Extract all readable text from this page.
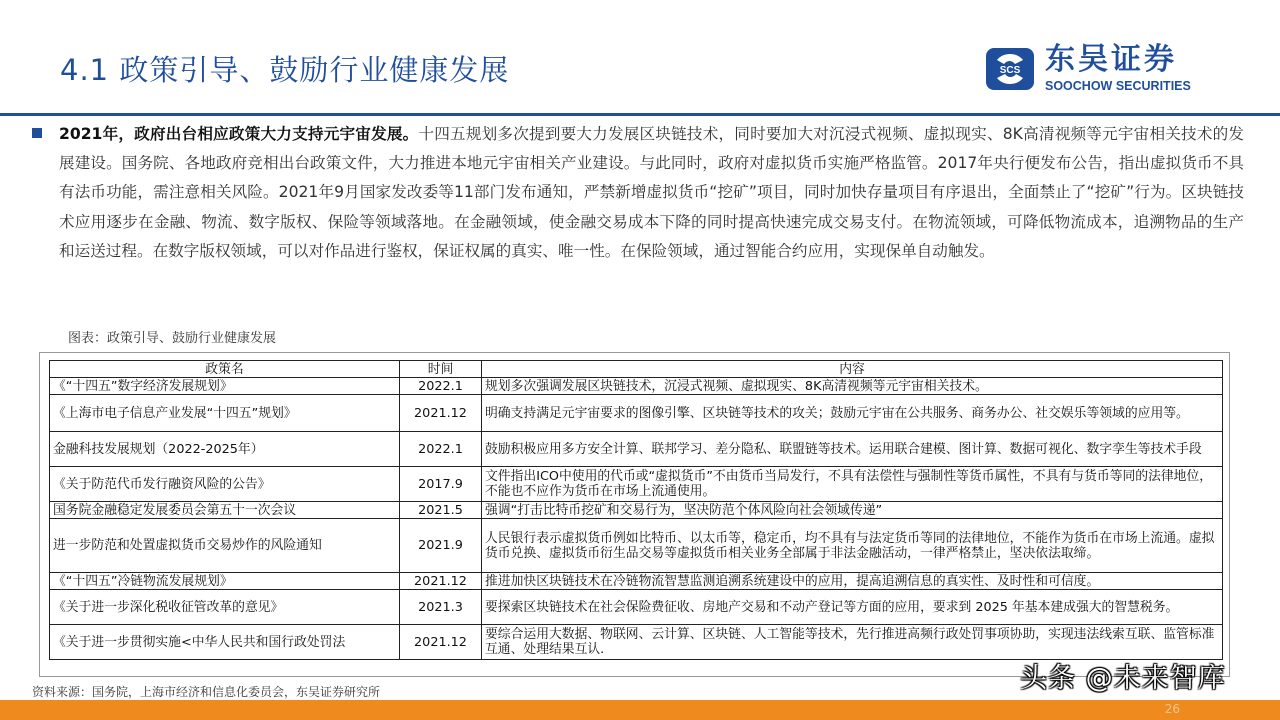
4.1 政策引导、鼓励行业健康发展	SCS 东吴证券
SOOCHOW SECURITIES
2021年，政府出台相应政策大力支持元宇宙发展。十四五规划多次提到要大力发展区块链技术，同时要加大对沉浸式视频、虚拟现实、8K高清视频等元宇宙相关技术的发展建设。国务院、各地政府竞相出台政策文件，大力推进本地元宇宙相关产业建设。与此同时，政府对虚拟货币实施严格监管。2017年央行便发布公告，指出虚拟货币不具有法币功能，需注意相关风险。2021年9月国家发改委等11部门发布通知，严禁新增虚拟货币“挖矿”项目，同时加快存量项目有序退出，全面禁止了“挖矿”行为。区块链技术应用逐步在金融、物流、数字版权、保险等领域落地。在金融领域，使金融交易成本下降的同时提高快速完成交易支付。在物流领域，可降低物流成本，追溯物品的生产和运送过程。在数字版权领域，可以对作品进行鉴权，保证权属的真实、唯一性。在保险领域，通过智能合约应用，实现保单自动触发。
图表：政策引导、鼓励行业健康发展
政策名	时间	内容
《“十四五”数字经济发展规划》	2022.1	规划多次强调发展区块链技术，沉浸式视频、虚拟现实、8K高清视频等元宇宙相关技术。
《上海市电子信息产业发展“十四五”规划》	2021.12	明确支持满足元宇宙要求的图像引擎、区块链等技术的攻关；鼓励元宇宙在公共服务、商务办公、社交娱乐等领域的应用等。
金融科技发展规划（2022-2025年）	2022.1	鼓励积极应用多方安全计算、联邦学习、差分隐私、联盟链等技术。运用联合建模、图计算、数据可视化、数字孪生等技术手段
《关于防范代币发行融资风险的公告》	2017.9	文件指出ICO中使用的代币或“虚拟货币”不由货币当局发行，不具有法偿性与强制性等货币属性，不具有与货币等同的法律地位，不能也不应作为货币在市场上流通使用。
国务院金融稳定发展委员会第五十一次会议	2021.5	强调“打击比特币挖矿和交易行为，坚决防范个体风险向社会领域传递”
进一步防范和处置虚拟货币交易炒作的风险通知	2021.9	人民银行表示虚拟货币例如比特币、以太币等，稳定币，均不具有与法定货币等同的法律地位，不能作为货币在市场上流通。虚拟货币兑换、虚拟货币衍生品交易等虚拟货币相关业务全部属于非法金融活动，一律严格禁止，坚决依法取缔。
《“十四五”冷链物流发展规划》	2021.12	推进加快区块链技术在冷链物流智慧监测追溯系统建设中的应用，提高追溯信息的真实性、及时性和可信度。
《关于进一步深化税收征管改革的意见》	2021.3	要探索区块链技术在社会保险费征收、房地产交易和不动产登记等方面的应用，要求到 2025 年基本建成强大的智慧税务。
《关于进一步贯彻实施<中华人民共和国行政处罚法	2021.12	要综合运用大数据、物联网、云计算、区块链、人工智能等技术，先行推进高频行政处罚事项协助，实现违法线索互联、监管标准互通、处理结果互认.
资料来源：国务院，上海市经济和信息化委员会，东吴证券研究所	头条 @未来智库
26
